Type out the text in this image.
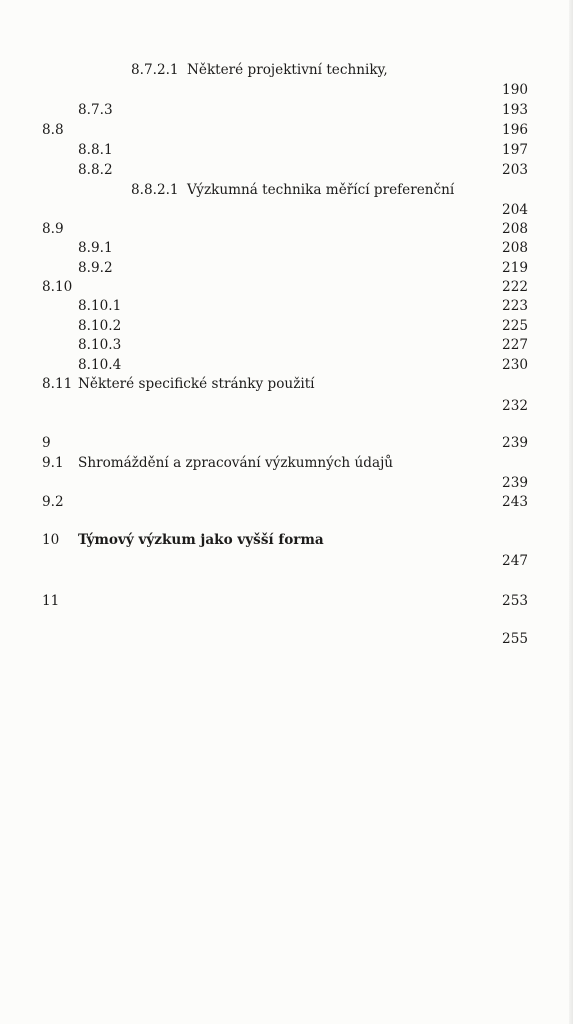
8.7.2.1 Některé projektivní techniky,
190
8.7.3	193
8.8	196
8.8.1	197
8.8.2	203
8.8.2.1 Výzkumná technika měřící preferenční
204
8.9	208
8.9.1	208
8.9.2	219
8.10	222
8.10.1	223
8.10.2	225
8.10.3	227
8.10.4	230
8.11 Některé specifické stránky použití
232
9	239
9.1 Shromáždění a zpracování výzkumných údajů
239
9.2	243
10 Týmový výzkum jako vyšší forma
247
11	253
255
